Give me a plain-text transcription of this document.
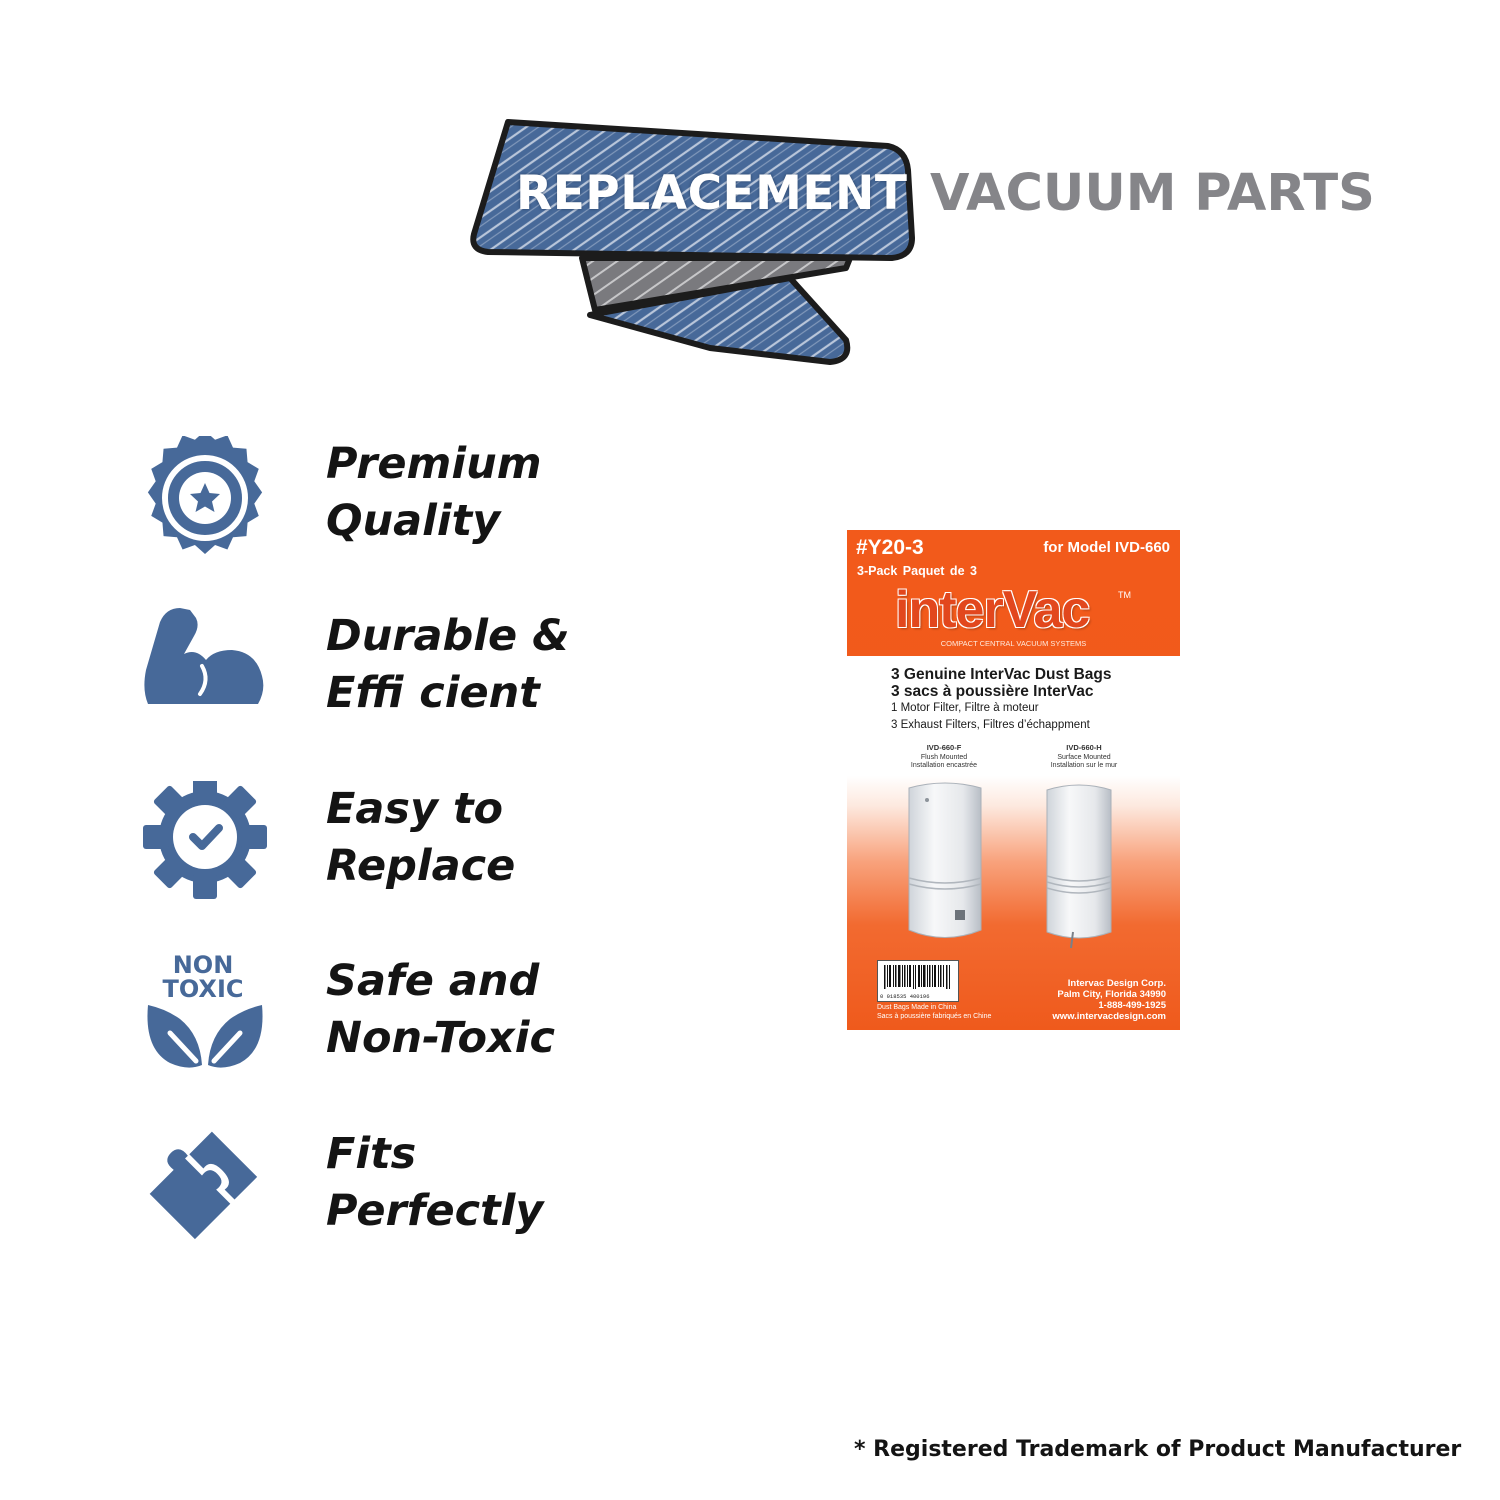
REPLACEMENT VACUUM PARTS
Premium
Quality
Durable &
Effi cient
Easy to
Replace
NON
TOXIC Safe and
Non-Toxic
Fits
Perfectly
#Y20-3	for Model IVD-660
3-Pack Paquet de 3
interVac	TM
COMPACT CENTRAL VACUUM SYSTEMS
3 Genuine InterVac Dust Bags
3 sacs à poussière InterVac
1 Motor Filter, Filtre à moteur
3 Exhaust Filters, Filtres d’échappment
IVD-660-F
Flush Mounted
Installation encastrée
IVD-660-H
Surface Mounted
Installation sur le mur
0 018535 400196
Dust Bags Made in China
Sacs à poussière fabriqués en Chine
Intervac Design Corp.
Palm City, Florida 34990
1-888-499-1925
www.intervacdesign.com
* Registered Trademark of Product Manufacturer
